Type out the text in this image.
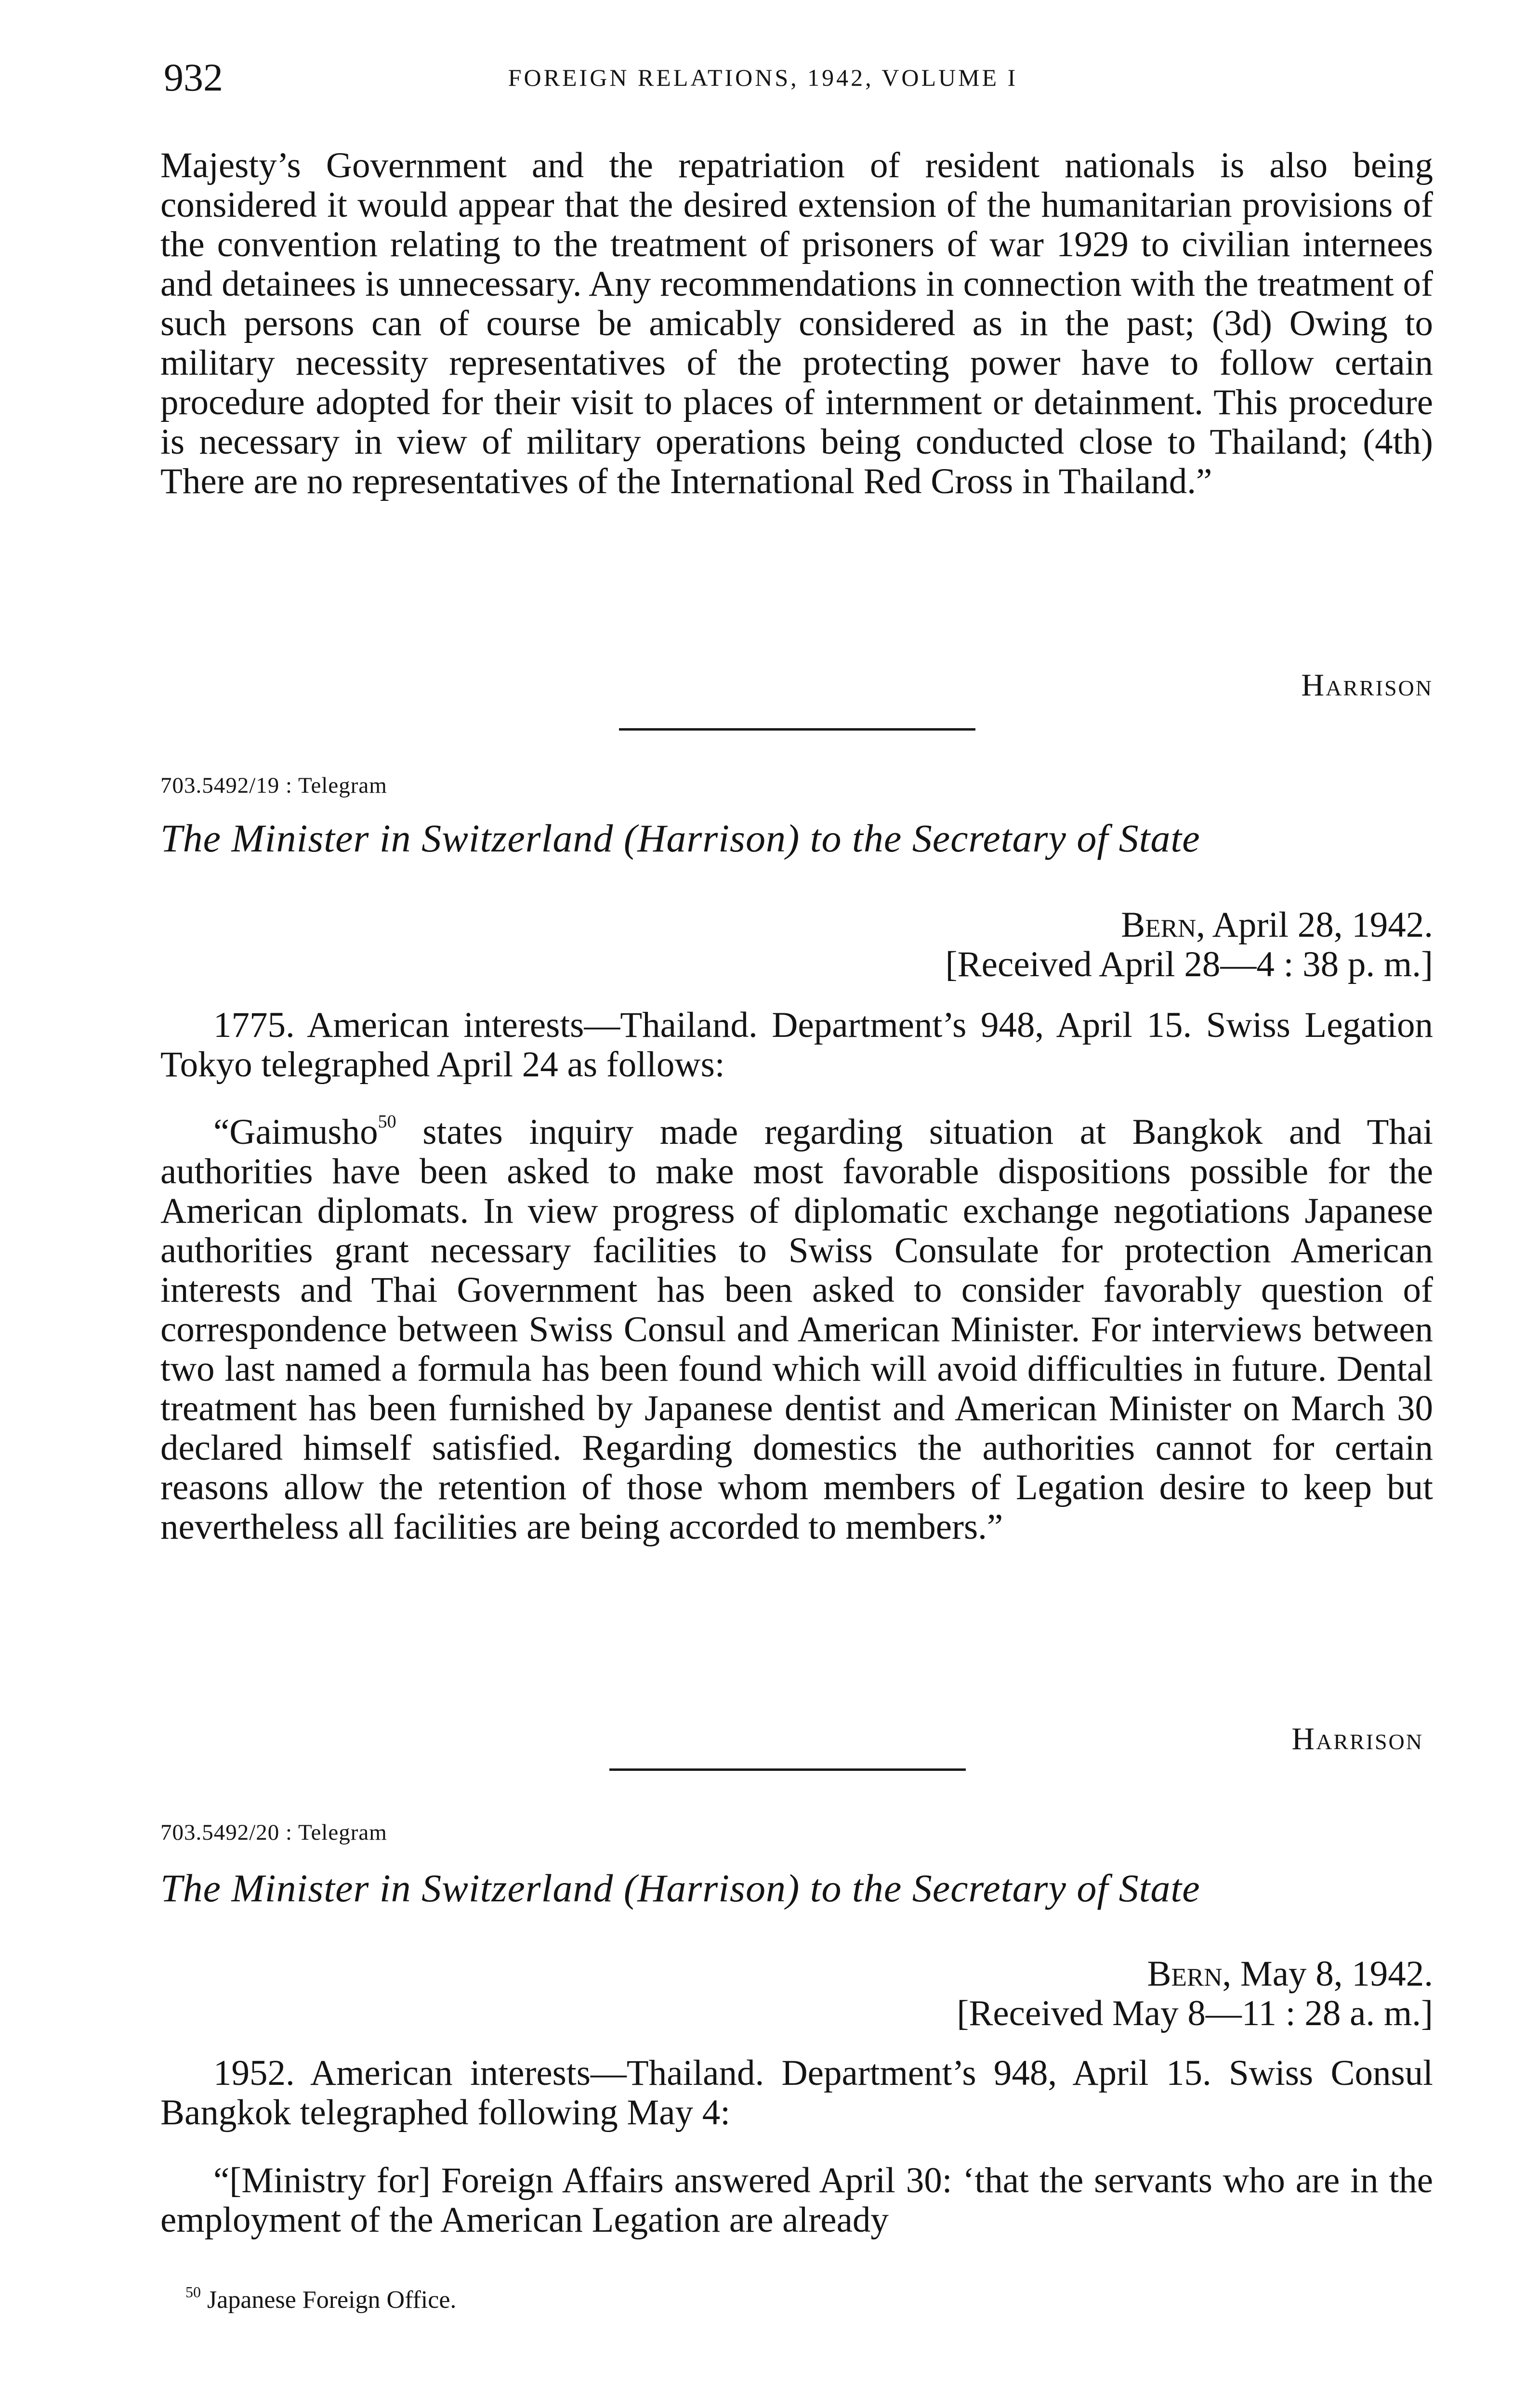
932	FOREIGN RELATIONS, 1942, VOLUME I

Majesty’s Government and the repatriation of resident nationals is also being considered it would appear that the desired extension of the humanitarian provisions of the convention relating to the treatment of prisoners of war 1929 to civilian internees and detainees is unnecessary. Any recommendations in connection with the treatment of such persons can of course be amicably considered as in the past; (3d) Owing to military necessity representatives of the protecting power have to follow certain procedure adopted for their visit to places of internment or detainment. This procedure is necessary in view of military operations being conducted close to Thailand; (4th) There are no representatives of the International Red Cross in Thailand.”

Harrison
703.5492/19 : Telegram
The Minister in Switzerland (Harrison) to the Secretary of State
Bern, April 28, 1942.
[Received April 28—4 : 38 p. m.]

1775. American interests—Thailand. Department’s 948, April 15. Swiss Legation Tokyo telegraphed April 24 as follows:

“Gaimusho$^{50}$ states inquiry made regarding situation at Bangkok and Thai authorities have been asked to make most favorable dispositions possible for the American diplomats. In view progress of diplomatic exchange negotiations Japanese authorities grant necessary facilities to Swiss Consulate for protection American interests and Thai Government has been asked to consider favorably question of correspondence between Swiss Consul and American Minister. For interviews between two last named a formula has been found which will avoid difficulties in future. Dental treatment has been furnished by Japanese dentist and American Minister on March 30 declared himself satisfied. Regarding domestics the authorities cannot for certain reasons allow the retention of those whom members of Legation desire to keep but nevertheless all facilities are being accorded to members.”

Harrison
703.5492/20 : Telegram
The Minister in Switzerland (Harrison) to the Secretary of State
Bern, May 8, 1942.
[Received May 8—11 : 28 a. m.]

1952. American interests—Thailand. Department’s 948, April 15. Swiss Consul Bangkok telegraphed following May 4:

“[Ministry for] Foreign Affairs answered April 30: ‘that the servants who are in the employment of the American Legation are already

$^{50}$ Japanese Foreign Office.
